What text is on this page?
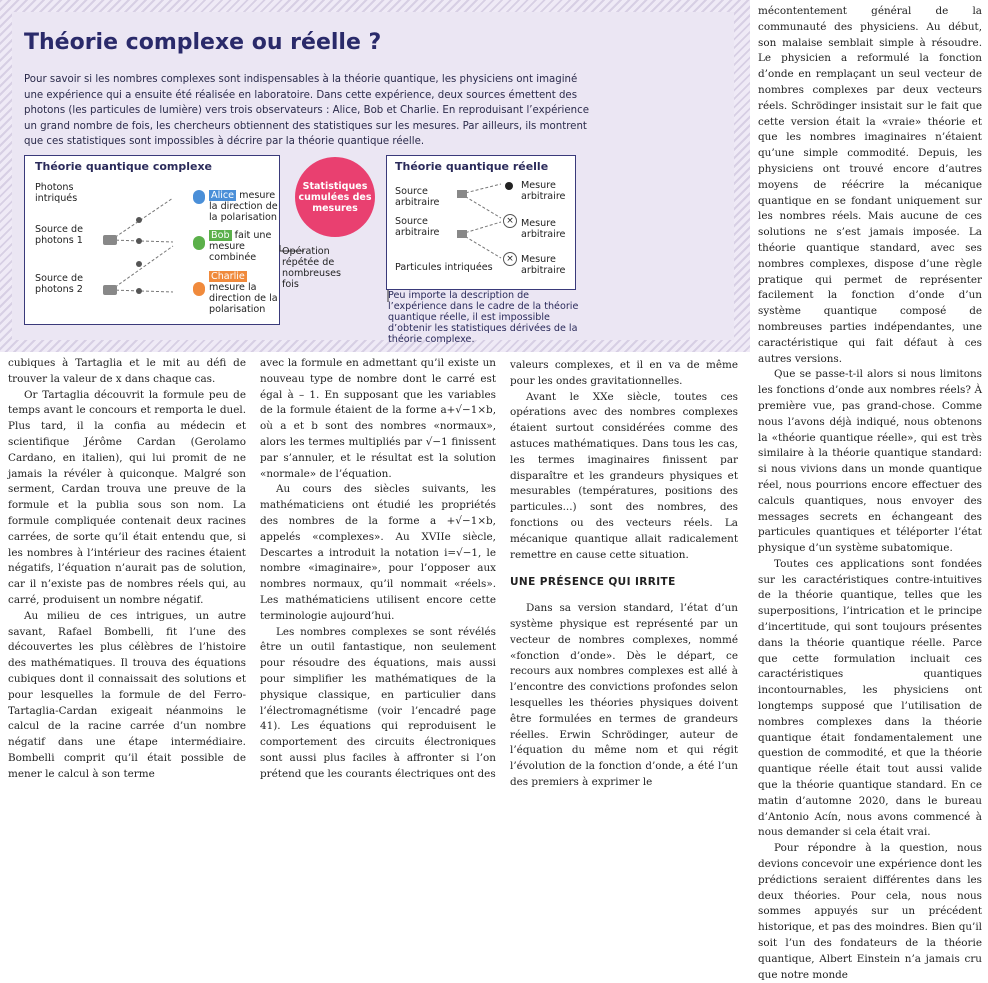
Théorie complexe ou réelle ?

Pour savoir si les nombres complexes sont indispensables à la théorie quantique, les physiciens ont imaginé une expérience qui a ensuite été réalisée en laboratoire. Dans cette expérience, deux sources émettent des photons (les particules de lumière) vers trois observateurs : Alice, Bob et Charlie. En reproduisant l’expérience un grand nombre de fois, les chercheurs obtiennent des statistiques sur les mesures. Par ailleurs, ils montrent que ces statistiques sont impossibles à décrire par la théorie quantique réelle.

Théorie quantique complexe
Photons intriqués
Source de photons 1
Source de photons 2
Alice mesure la direction de la polarisation
Bob fait une mesure combinée
Charlie mesure la direction de la polarisation
Statistiques cumulées des mesures
Opération répétée de nombreuses fois
Théorie quantique réelle
Source arbitraire
Source arbitraire
Particules intriquées
×
×
Mesure arbitraire
Mesure arbitraire
Mesure arbitraire
Peu importe la description de l’expérience dans le cadre de la théorie quantique réelle, il est impossible d’obtenir les statistiques dérivées de la théorie complexe.

cubiques à Tartaglia et le mit au défi de trouver la valeur de x dans chaque cas.

Or Tartaglia découvrit la formule peu de temps avant le concours et remporta le duel. Plus tard, il la confia au médecin et scientifique Jérôme Cardan (Gerolamo Cardano, en italien), qui lui promit de ne jamais la révéler à quiconque. Malgré son serment, Cardan trouva une preuve de la formule et la publia sous son nom. La formule compliquée contenait deux racines carrées, de sorte qu’il était entendu que, si les nombres à l’intérieur des racines étaient négatifs, l’équation n’aurait pas de solution, car il n’existe pas de nombres réels qui, au carré, produisent un nombre négatif.

Au milieu de ces intrigues, un autre savant, Rafael Bombelli, fit l’une des découvertes les plus célèbres de l’histoire des mathématiques. Il trouva des équations cubiques dont il connaissait des solutions et pour lesquelles la formule de del Ferro-Tartaglia-Cardan exigeait néanmoins le calcul de la racine carrée d’un nombre négatif dans une étape intermédiaire. Bombelli comprit qu’il était possible de mener le calcul à son terme

avec la formule en admettant qu’il existe un nouveau type de nombre dont le carré est égal à – 1. En supposant que les variables de la formule étaient de la forme a+√−1×b, où a et b sont des nombres «normaux», alors les termes multipliés par √−1 finissent par s’annuler, et le résultat est la solution «normale» de l’équation.

Au cours des siècles suivants, les mathématiciens ont étudié les propriétés des nombres de la forme a +√−1×b, appelés «complexes». Au XVIIe siècle, Descartes a introduit la notation i=√−1, le nombre «imaginaire», pour l’opposer aux nombres normaux, qu’il nommait «réels». Les mathématiciens utilisent encore cette terminologie aujourd’hui.

Les nombres complexes se sont révélés être un outil fantastique, non seulement pour résoudre des équations, mais aussi pour simplifier les mathématiques de la physique classique, en particulier dans l’électromagnétisme (voir l’encadré page 41). Les équations qui reproduisent le comportement des circuits électroniques sont aussi plus faciles à affronter si l’on prétend que les courants électriques ont des

valeurs complexes, et il en va de même pour les ondes gravitationnelles.

Avant le XXe siècle, toutes ces opérations avec des nombres complexes étaient surtout considérées comme des astuces mathématiques. Dans tous les cas, les termes imaginaires finissent par disparaître et les grandeurs physiques et mesurables (températures, positions des particules...) sont des nombres, des fonctions ou des vecteurs réels. La mécanique quantique allait radicalement remettre en cause cette situation.

UNE PRÉSENCE QUI IRRITE

Dans sa version standard, l’état d’un système physique est représenté par un vecteur de nombres complexes, nommé «fonction d’onde». Dès le départ, ce recours aux nombres complexes est allé à l’encontre des convictions profondes selon lesquelles les théories physiques doivent être formulées en termes de grandeurs réelles. Erwin Schrödinger, auteur de l’équation du même nom et qui régit l’évolution de la fonction d’onde, a été l’un des premiers à exprimer le

mécontentement général de la communauté des physiciens. Au début, son malaise semblait simple à résoudre. Le physicien a reformulé la fonction d’onde en remplaçant un seul vecteur de nombres complexes par deux vecteurs réels. Schrödinger insistait sur le fait que cette version était la «vraie» théorie et que les nombres imaginaires n’étaient qu’une simple commodité. Depuis, les physiciens ont trouvé encore d’autres moyens de réécrire la mécanique quantique en se fondant uniquement sur les nombres réels. Mais aucune de ces solutions ne s’est jamais imposée. La théorie quantique standard, avec ses nombres complexes, dispose d’une règle pratique qui permet de représenter facilement la fonction d’onde d’un système quantique composé de nombreuses parties indépendantes, une caractéristique qui fait défaut à ces autres versions.

Que se passe-t-il alors si nous limitons les fonctions d’onde aux nombres réels? À première vue, pas grand-chose. Comme nous l’avons déjà indiqué, nous obtenons la «théorie quantique réelle», qui est très similaire à la théorie quantique standard: si nous vivions dans un monde quantique réel, nous pourrions encore effectuer des calculs quantiques, nous envoyer des messages secrets en échangeant des particules quantiques et téléporter l’état physique d’un système subatomique.

Toutes ces applications sont fondées sur les caractéristiques contre-intuitives de la théorie quantique, telles que les superpositions, l’intrication et le principe d’incertitude, qui sont toujours présentes dans la théorie quantique réelle. Parce que cette formulation incluait ces caractéristiques quantiques incontournables, les physiciens ont longtemps supposé que l’utilisation de nombres complexes dans la théorie quantique était fondamentalement une question de commodité, et que la théorie quantique réelle était tout aussi valide que la théorie quantique standard. En ce matin d’automne 2020, dans le bureau d’Antonio Acín, nous avons commencé à nous demander si cela était vrai.

Pour répondre à la question, nous devions concevoir une expérience dont les prédictions seraient différentes dans les deux théories. Pour cela, nous nous sommes appuyés sur un précédent historique, et pas des moindres. Bien qu’il soit l’un des fondateurs de la théorie quantique, Albert Einstein n’a jamais cru que notre monde
